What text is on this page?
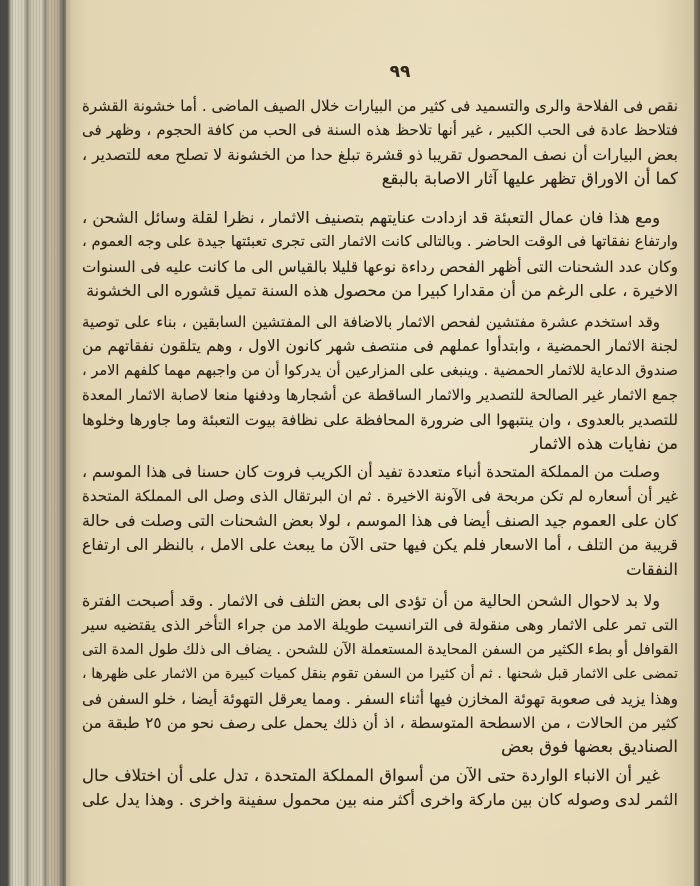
٩٩
نقص فى الفلاحة والرى والتسميد فى كثير من البيارات خلال الصيف الماضى . أما خشونة القشرة
فتلاحظ عادة فى الحب الكبير ، غير أنها تلاحظ هذه السنة فى الحب من كافة الحجوم ، وظهر فى
بعض البيارات أن نصف المحصول تقريبا ذو قشرة تبلغ حدا من الخشونة لا تصلح معه للتصدير ،
كما أن الاوراق تظهر عليها آثار الاصابة بالبقع
ومع هذا فان عمال التعبئة قد ازدادت عنايتهم بتصنيف الاثمار ، نظرا لقلة وسائل الشحن ،
وارتفاع نفقاتها فى الوقت الحاضر . وبالتالى كانت الاثمار التى تجرى تعبئتها جيدة على وجه العموم ،
وكان عدد الشحنات التى أظهر الفحص رداءة نوعها قليلا بالقياس الى ما كانت عليه فى السنوات
الاخيرة ، على الرغم من أن مقدارا كبيرا من محصول هذه السنة تميل قشوره الى الخشونة
وقد استخدم عشرة مفتشين لفحص الاثمار بالاضافة الى المفتشين السابقين ، بناء على توصية
لجنة الاثمار الحمضية ، وابتدأوا عملهم فى منتصف شهر كانون الاول ، وهم يتلقون نفقاتهم من
صندوق الدعاية للاثمار الحمضية . وينبغى على المزارعين أن يدركوا أن من واجبهم مهما كلفهم الامر ،
جمع الاثمار غير الصالحة للتصدير والاثمار الساقطة عن أشجارها ودفنها منعا لاصابة الاثمار المعدة
للتصدير بالعدوى ، وان ينتبهوا الى ضرورة المحافظة على نظافة بيوت التعبئة وما جاورها وخلوها
من نفايات هذه الاثمار
وصلت من المملكة المتحدة أنباء متعددة تفيد أن الكريب فروت كان حسنا فى هذا الموسم ،
غير أن أسعاره لم تكن مربحة فى الآونة الاخيرة . ثم ان البرتقال الذى وصل الى المملكة المتحدة
كان على العموم جيد الصنف أيضا فى هذا الموسم ، لولا بعض الشحنات التى وصلت فى حالة
قريبة من التلف ، أما الاسعار فلم يكن فيها حتى الآن ما يبعث على الامل ، بالنظر الى ارتفاع
النفقات
ولا بد لاحوال الشحن الحالية من أن تؤدى الى بعض التلف فى الاثمار . وقد أصبحت الفترة
التى تمر على الاثمار وهى منقولة فى الترانسيت طويلة الامد من جراء التأخر الذى يقتضيه سير
القوافل أو بطء الكثير من السفن المحايدة المستعملة الآن للشحن . يضاف الى ذلك طول المدة التى
تمضى على الاثمار قبل شحنها . ثم أن كثيرا من السفن تقوم بنقل كميات كبيرة من الاثمار على ظهرها ،
وهذا يزيد فى صعوبة تهوئة المخازن فيها أثناء السفر . ومما يعرقل التهوئة أيضا ، خلو السفن فى
كثير من الحالات ، من الاسطحة المتوسطة ، اذ أن ذلك يحمل على رصف نحو من ٢٥ طبقة من
الصناديق بعضها فوق بعض
غير أن الانباء الواردة حتى الآن من أسواق المملكة المتحدة ، تدل على أن اختلاف حال
الثمر لدى وصوله كان بين ماركة واخرى أكثر منه بين محمول سفينة واخرى . وهذا يدل على
